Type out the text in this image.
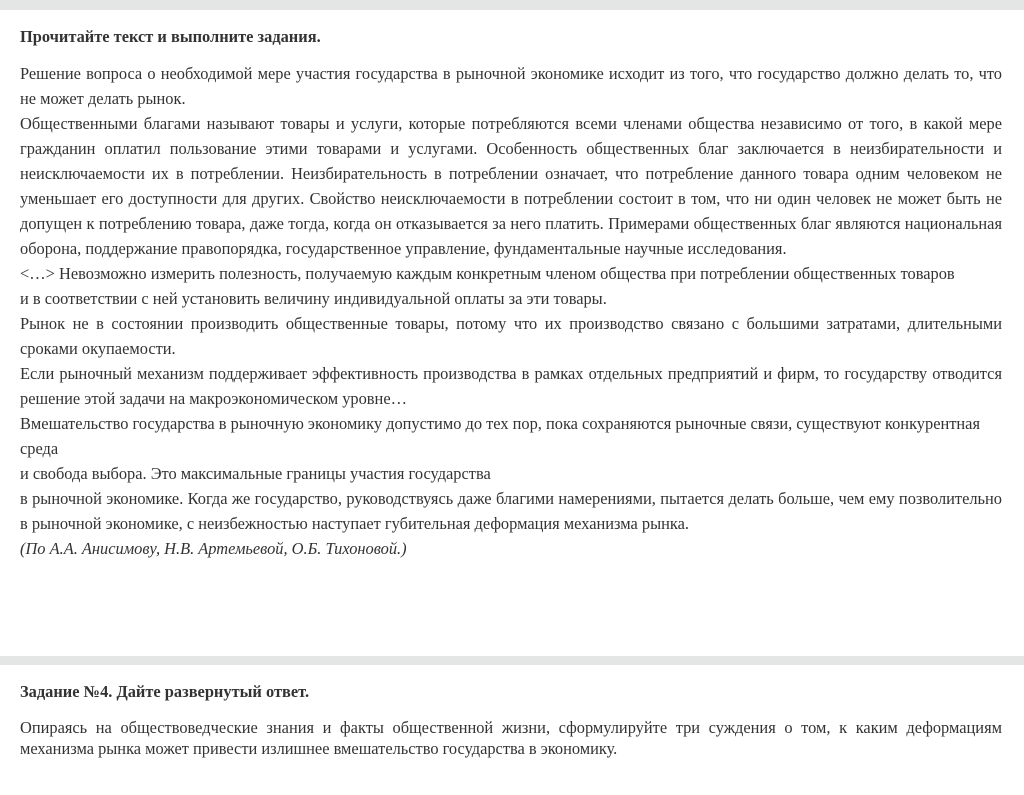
Прочитайте текст и выполните задания.

Решение вопроса о необходимой мере участия государства в рыночной экономике исходит из того, что государство должно делать то, что не может делать рынок.

Общественными благами называют товары и услуги, которые потребляются всеми членами общества независимо от того, в какой мере гражданин оплатил пользование этими товарами и услугами. Особенность общественных благ заключается в неизбирательности и неисключаемости их в потреблении. Неизбирательность в потреблении означает, что потребление данного товара одним человеком не уменьшает его доступности для других. Свойство неисключаемости в потреблении состоит в том, что ни один человек не может быть не допущен к потреблению товара, даже тогда, когда он отказывается за него платить. Примерами общественных благ являются национальная оборона, поддержание правопорядка, государственное управление, фундаментальные научные исследования.

<…> Невозможно измерить полезность, получаемую каждым конкретным членом общества при потреблении общественных товаров

и в соответствии с ней установить величину индивидуальной оплаты за эти товары.

Рынок не в состоянии производить общественные товары, потому что их производство связано с большими затратами, длительными сроками окупаемости.

Если рыночный механизм поддерживает эффективность производства в рамках отдельных предприятий и фирм, то государству отводится решение этой задачи на макроэкономическом уровне…

Вмешательство государства в рыночную экономику допустимо до тех пор, пока сохраняются рыночные связи, существуют конкурентная среда

и свобода выбора. Это максимальные границы участия государства

в рыночной экономике. Когда же государство, руководствуясь даже благими намерениями, пытается делать больше, чем ему позволительно в рыночной экономике, с неизбежностью наступает губительная деформация механизма рынка.

(По А.А. Анисимову, Н.В. Артемьевой, О.Б. Тихоновой.)

Задание №4. Дайте развернутый ответ.

Опираясь на обществоведческие знания и факты общественной жизни, сформулируйте три суждения о том, к каким деформациям механизма рынка может привести излишнее вмешательство государства в экономику.
